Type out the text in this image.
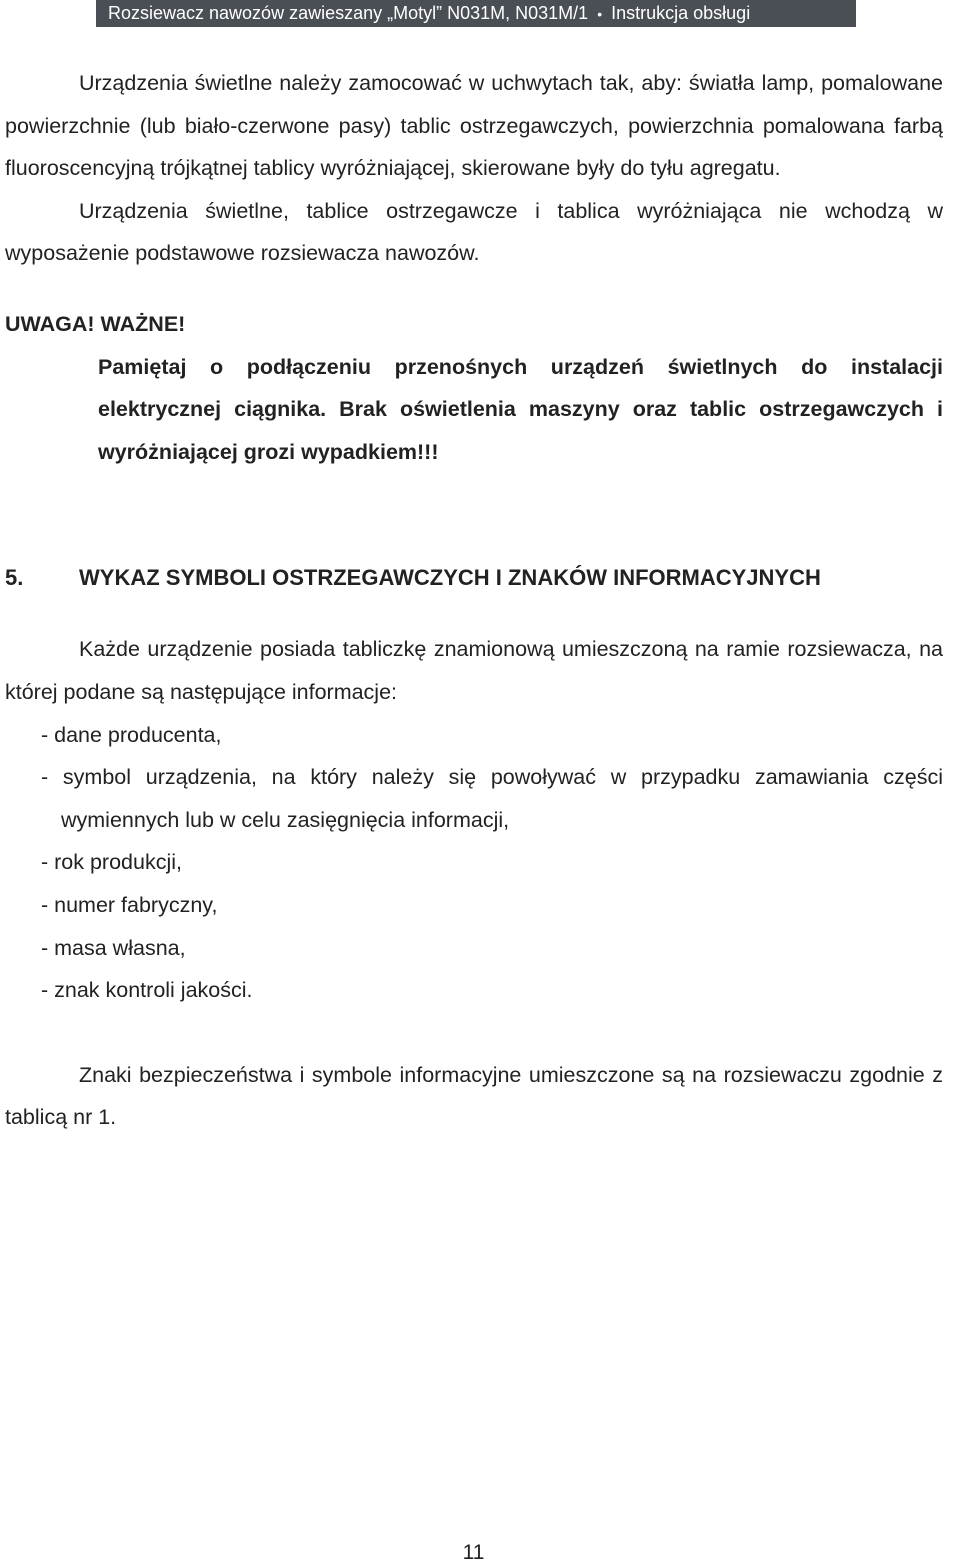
Rozsiewacz nawozów zawieszany „Motyl” N031M, N031M/1 • Instrukcja obsługi

Urządzenia świetlne należy zamocować w uchwytach tak, aby: światła lamp, pomalowane powierzchnie (lub biało-czerwone pasy) tablic ostrzegawczych, powierzchnia pomalowana farbą fluoroscencyjną trójkątnej tablicy wyróżniającej, skierowane były do tyłu agregatu.

Urządzenia świetlne, tablice ostrzegawcze i tablica wyróżniająca nie wchodzą w wyposażenie podstawowe rozsiewacza nawozów.

UWAGA! WAŻNE!
Pamiętaj o podłączeniu przenośnych urządzeń świetlnych do instalacji elektrycznej ciągnika. Brak oświetlenia maszyny oraz tablic ostrzegawczych i wyróżniającej grozi wypadkiem!!!
5.	WYKAZ SYMBOLI OSTRZEGAWCZYCH I ZNAKÓW INFORMACYJNYCH

Każde urządzenie posiada tabliczkę znamionową umieszczoną na ramie rozsiewacza, na której podane są następujące informacje:

- dane producenta,
- symbol urządzenia, na który należy się powoływać w przypadku zamawiania części wymiennych lub w celu zasięgnięcia informacji,
- rok produkcji,
- numer fabryczny,
- masa własna,
- znak kontroli jakości.

Znaki bezpieczeństwa i symbole informacyjne umieszczone są na rozsiewaczu zgodnie z tablicą nr 1.

11
